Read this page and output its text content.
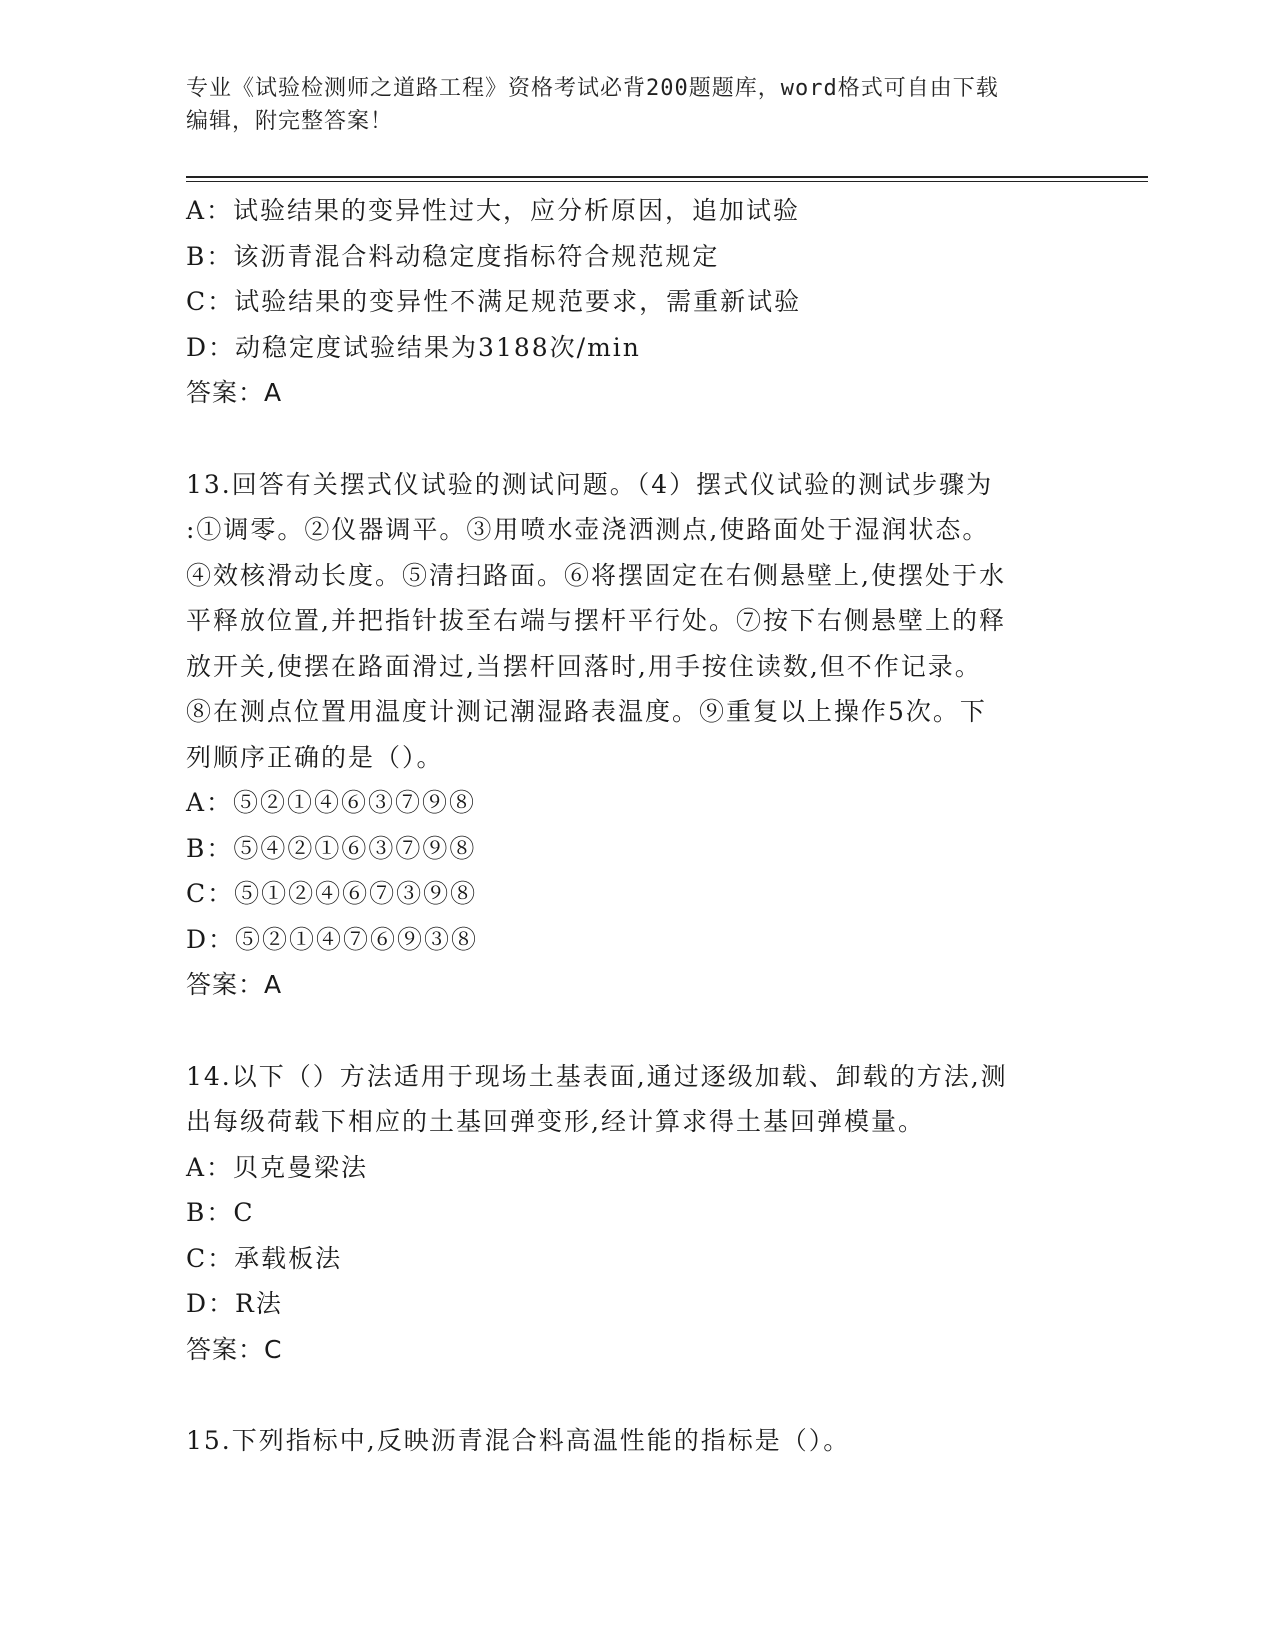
专业《试验检测师之道路工程》资格考试必背200题题库，word格式可自由下载
编辑，附完整答案！
A：试验结果的变异性过大，应分析原因，追加试验
B：该沥青混合料动稳定度指标符合规范规定
C：试验结果的变异性不满足规范要求，需重新试验
D：动稳定度试验结果为3188次/min
答案：A
13.回答有关摆式仪试验的测试问题。（4）摆式仪试验的测试步骤为
:①调零。②仪器调平。③用喷水壶浇洒测点,使路面处于湿润状态。
④效核滑动长度。⑤清扫路面。⑥将摆固定在右侧悬壁上,使摆处于水
平释放位置,并把指针拔至右端与摆杆平行处。⑦按下右侧悬壁上的释
放开关,使摆在路面滑过,当摆杆回落时,用手按住读数,但不作记录。
⑧在测点位置用温度计测记潮湿路表温度。⑨重复以上操作5次。下
列顺序正确的是（）。
A：⑤②①④⑥③⑦⑨⑧
B：⑤④②①⑥③⑦⑨⑧
C：⑤①②④⑥⑦③⑨⑧
D：⑤②①④⑦⑥⑨③⑧
答案：A
14.以下（）方法适用于现场土基表面,通过逐级加载、卸载的方法,测
出每级荷载下相应的土基回弹变形,经计算求得土基回弹模量。
A：贝克曼梁法
B：C
C：承载板法
D：R法
答案：C
15.下列指标中,反映沥青混合料高温性能的指标是（）。
